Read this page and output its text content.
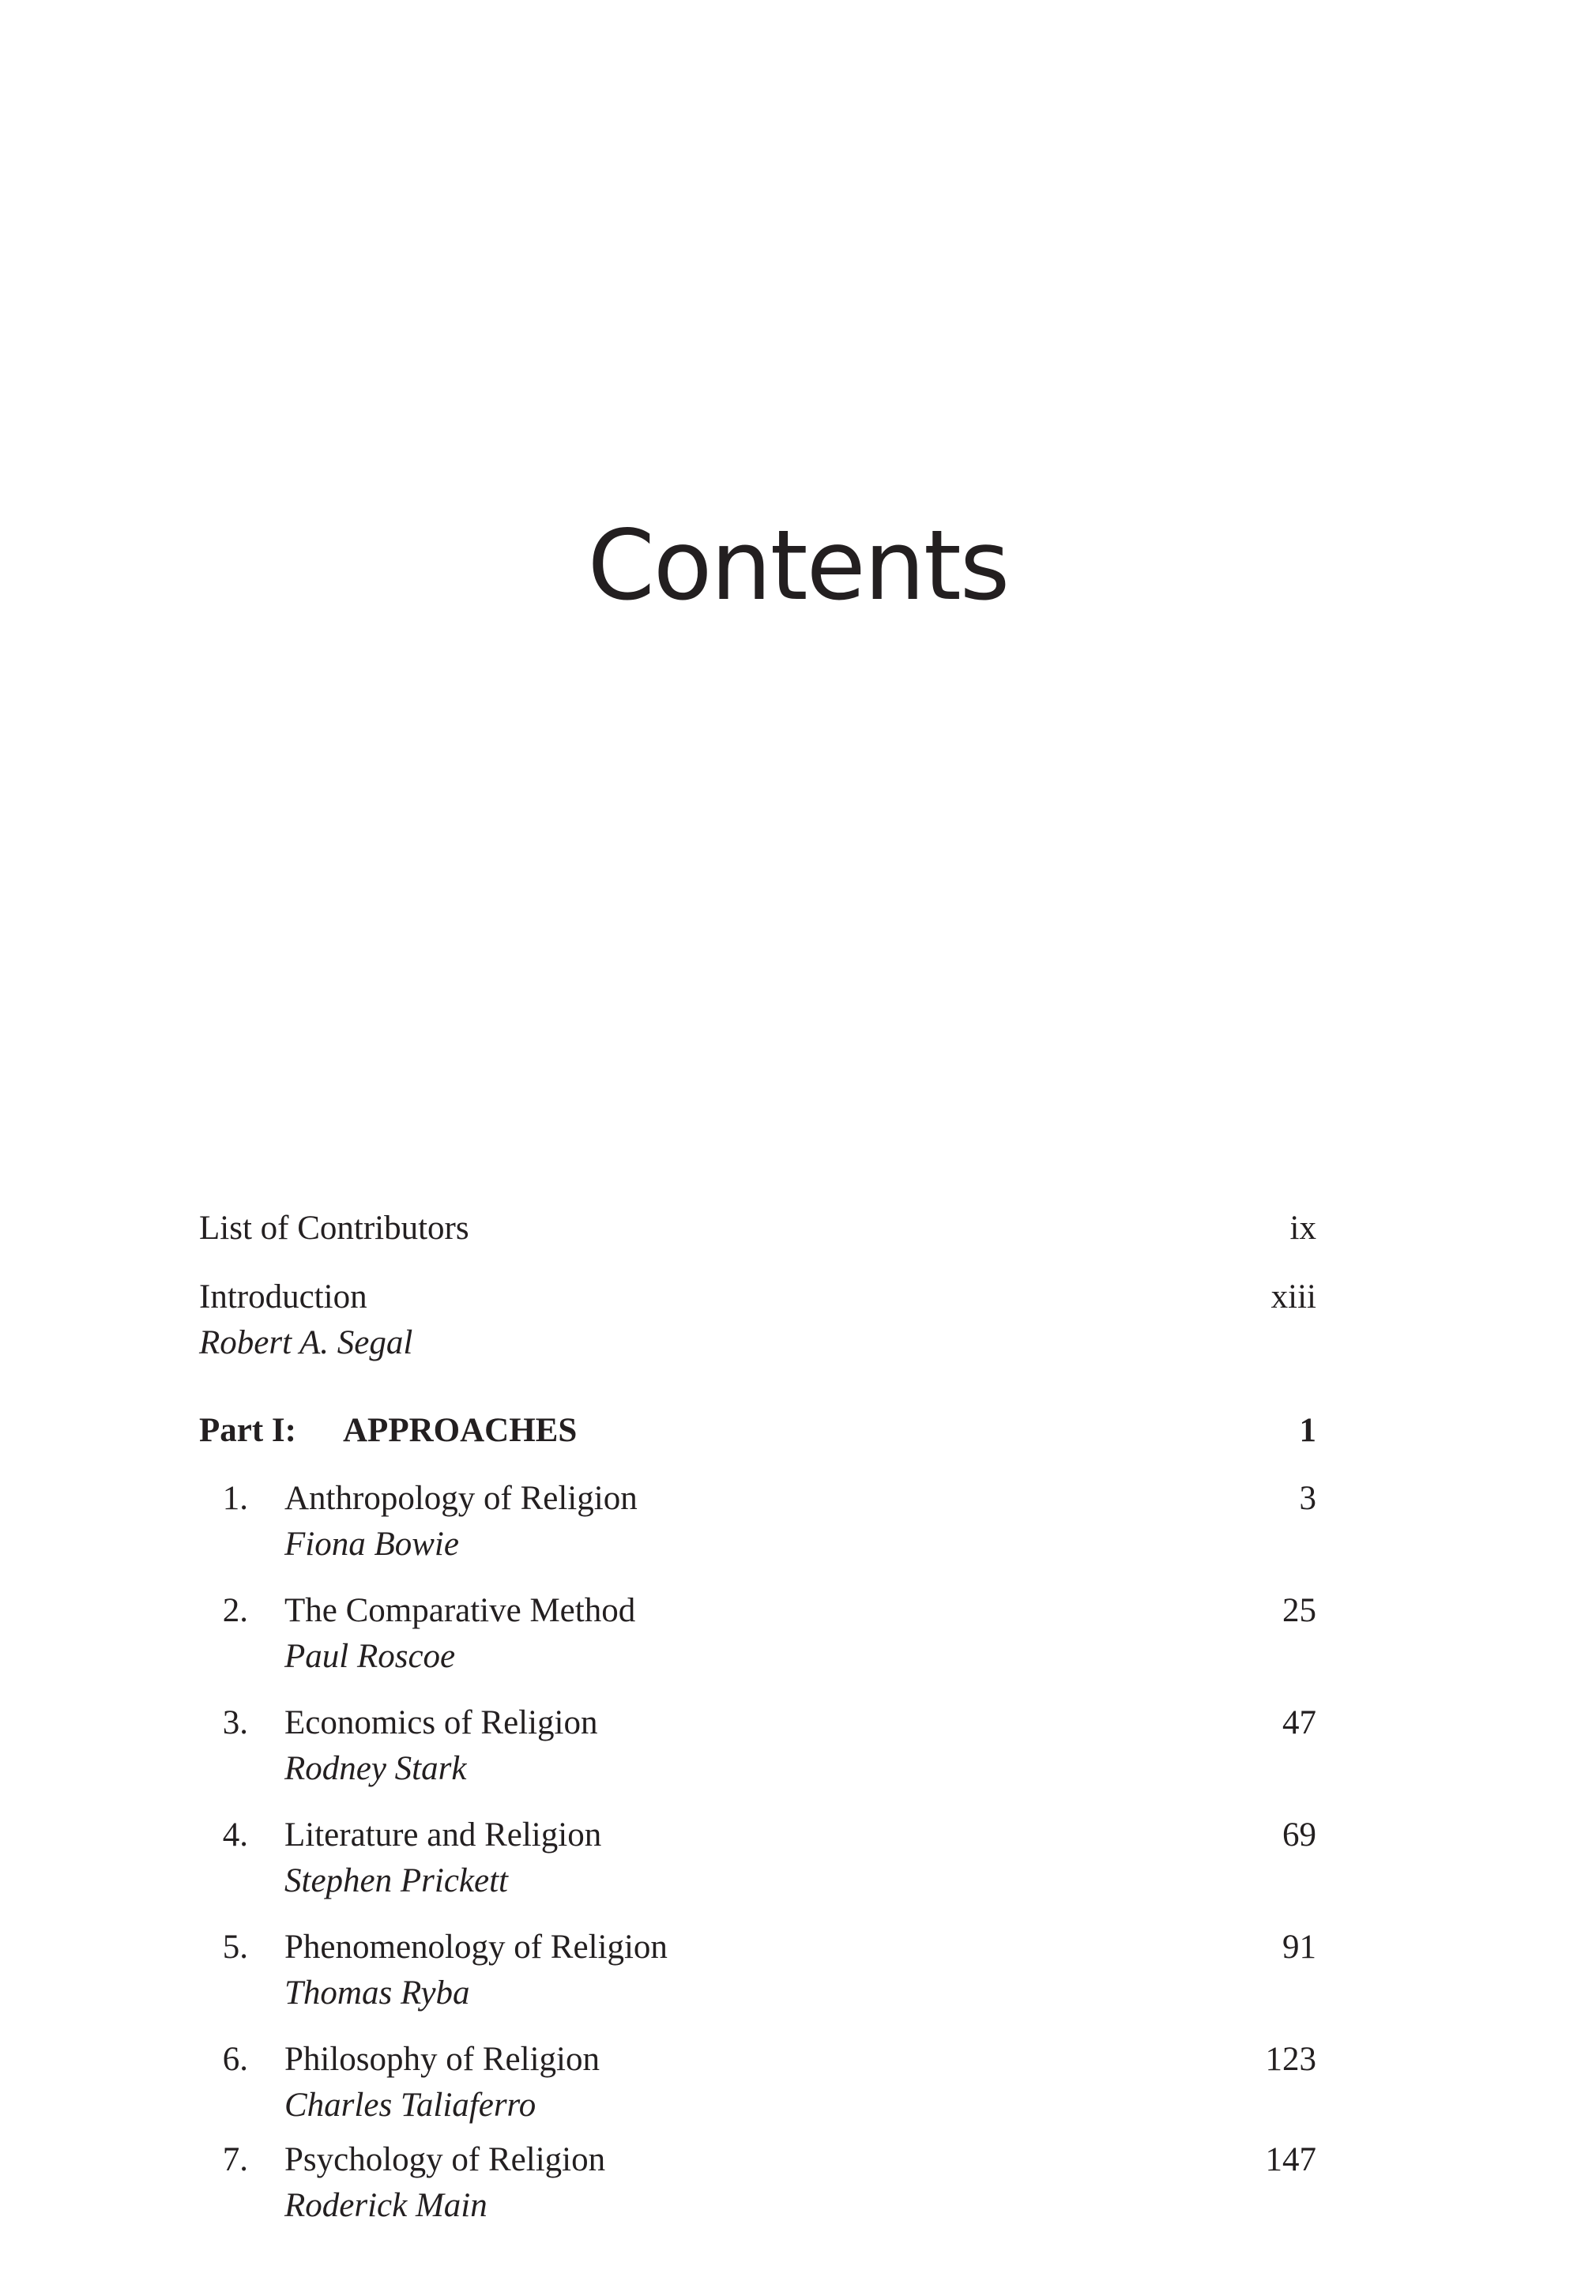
Contents
List of Contributors	ix
Introduction	xiii
Robert A. Segal
Part I: APPROACHES	1
1. Anthropology of Religion	3
Fiona Bowie
2. The Comparative Method	25
Paul Roscoe
3. Economics of Religion	47
Rodney Stark
4. Literature and Religion	69
Stephen Prickett
5. Phenomenology of Religion	91
Thomas Ryba
6. Philosophy of Religion	123
Charles Taliaferro
7. Psychology of Religion	147
Roderick Main
